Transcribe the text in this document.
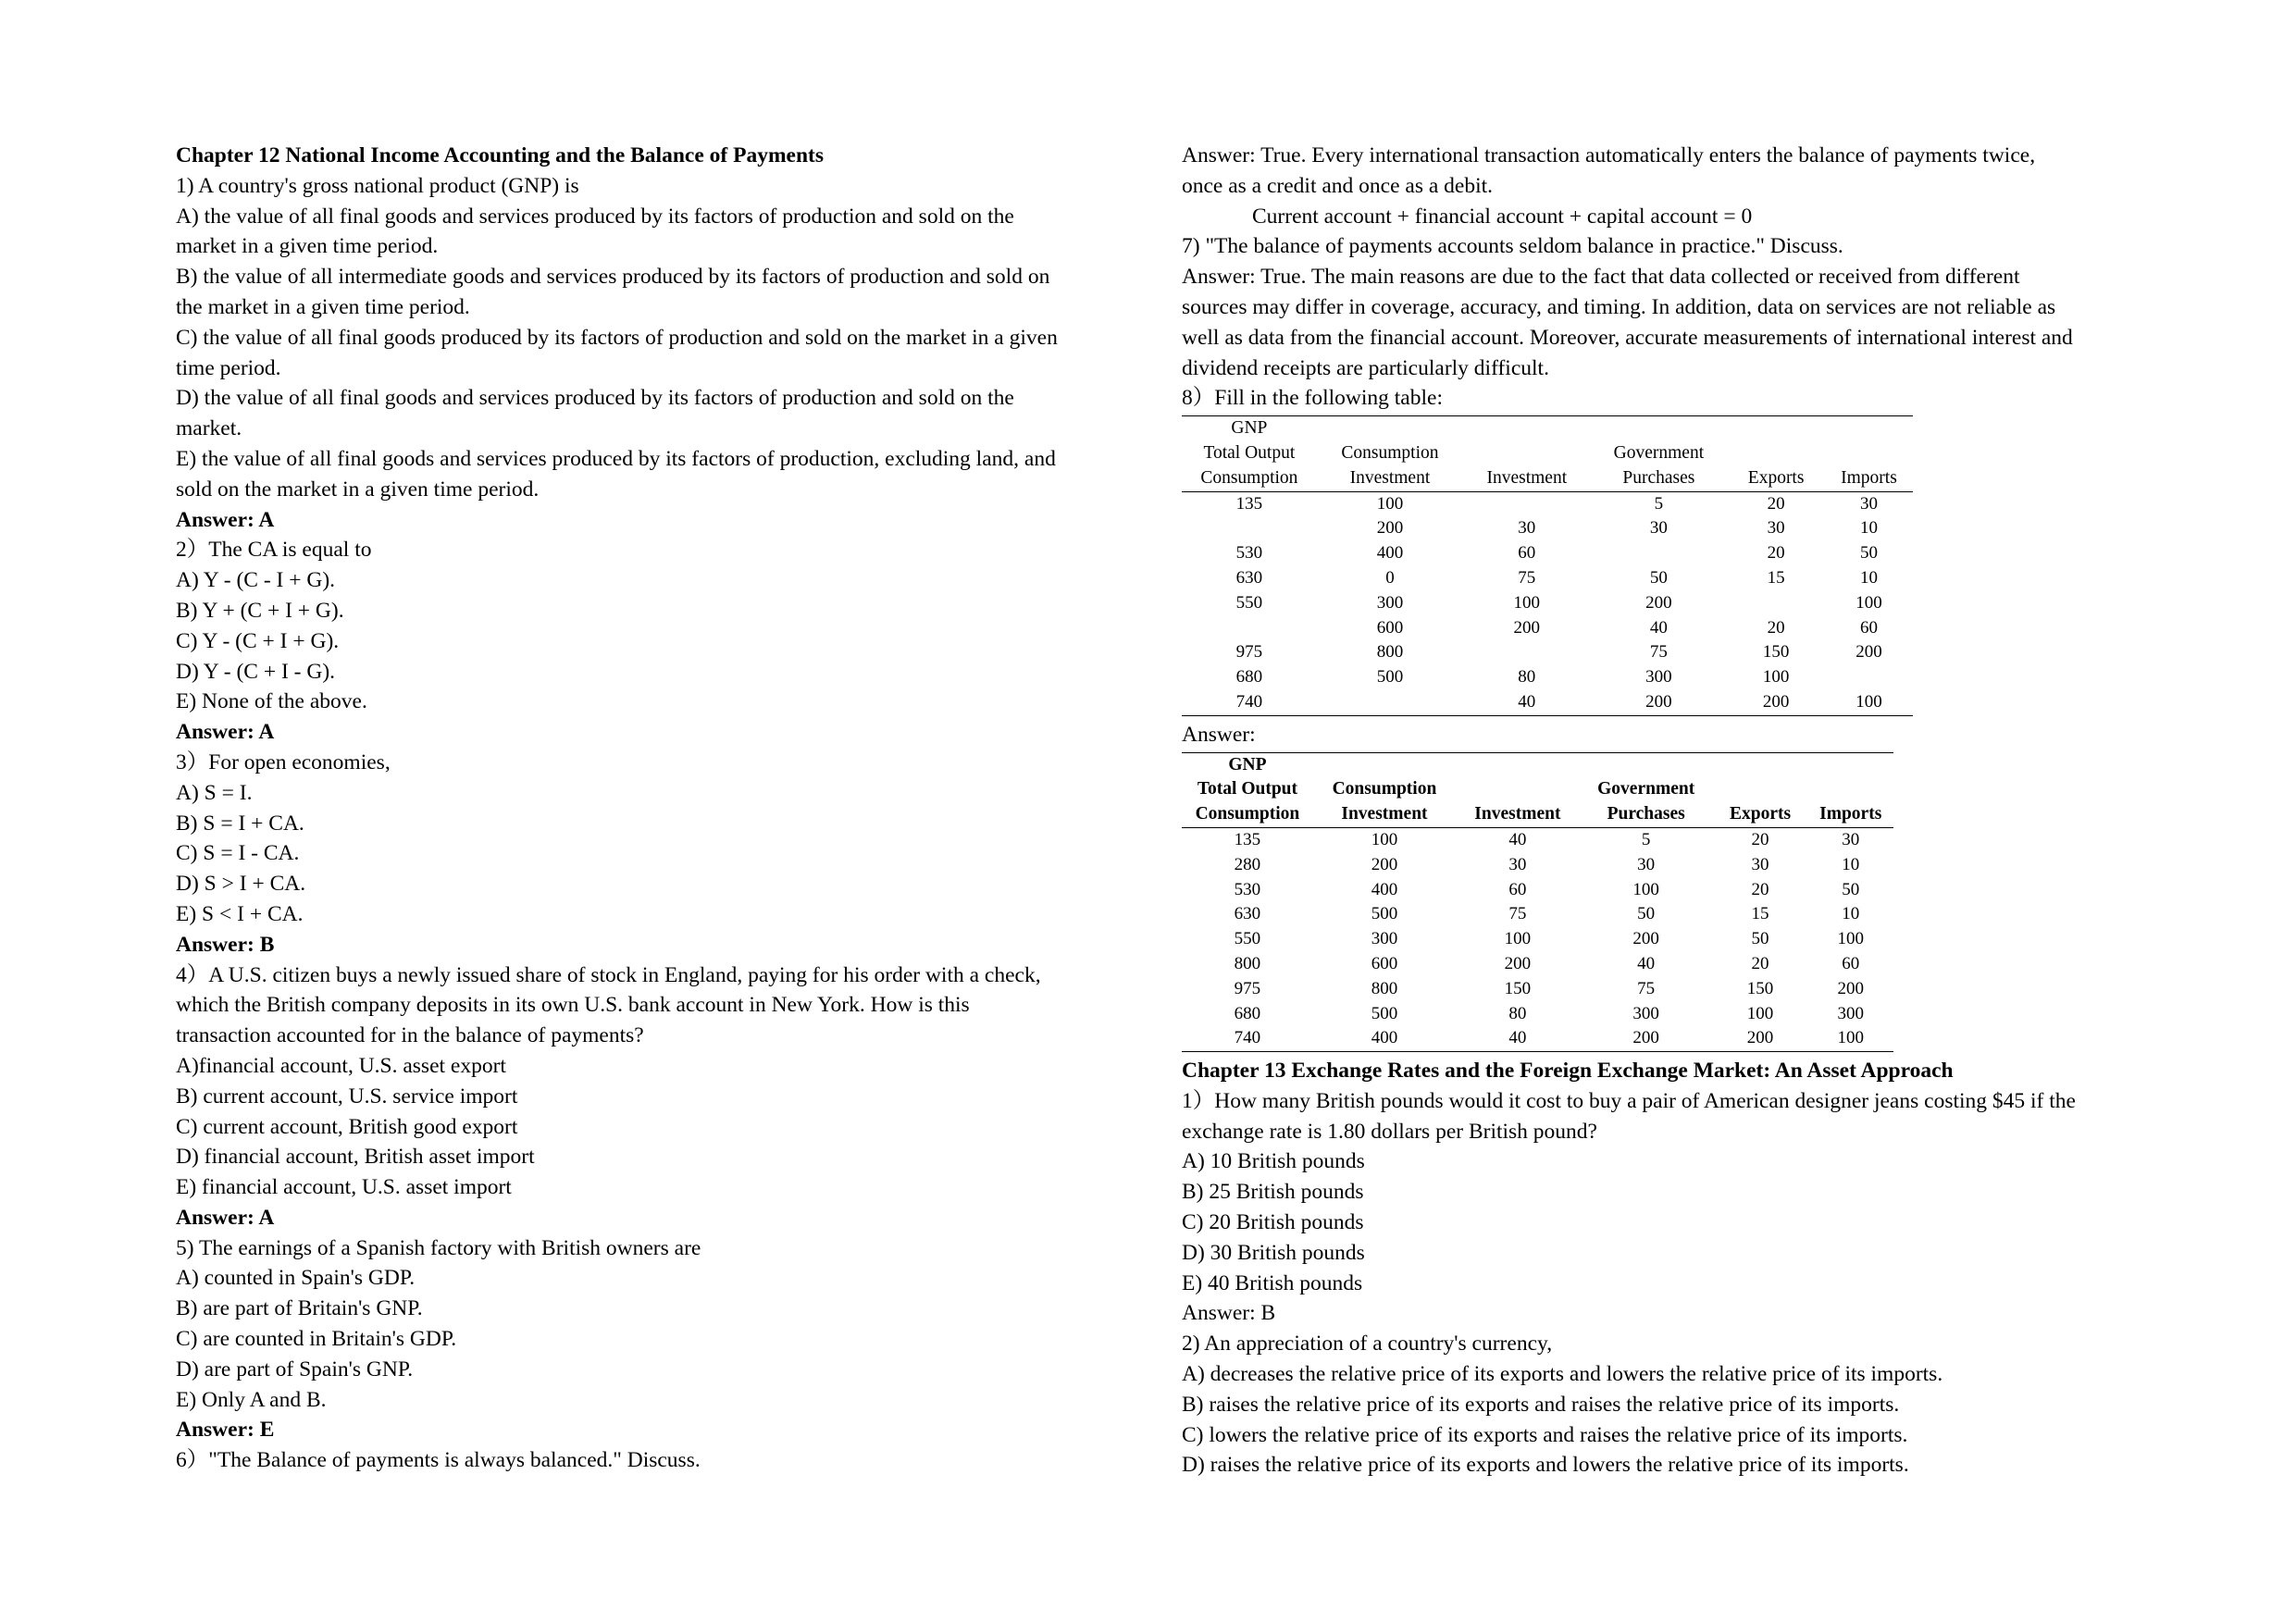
Chapter 12 National Income Accounting and the Balance of Payments
1) A country's gross national product (GNP) is
A) the value of all final goods and services produced by its factors of production and sold on the
market in a given time period.
B) the value of all intermediate goods and services produced by its factors of production and sold on
the market in a given time period.
C) the value of all final goods produced by its factors of production and sold on the market in a given
time period.
D) the value of all final goods and services produced by its factors of production and sold on the
market.
E) the value of all final goods and services produced by its factors of production, excluding land, and
sold on the market in a given time period.
Answer: A
2）The CA is equal to
A) Y - (C - I + G).
B) Y + (C + I + G).
C) Y - (C + I + G).
D) Y - (C + I - G).
E) None of the above.
Answer: A
3）For open economies,
A) S = I.
B) S = I + CA.
C) S = I - CA.
D) S > I + CA.
E) S < I + CA.
Answer: B
4）A U.S. citizen buys a newly issued share of stock in England, paying for his order with a check,
which the British company deposits in its own U.S. bank account in New York. How is this
transaction accounted for in the balance of payments?
A)financial account, U.S. asset export
B) current account, U.S. service import
C) current account, British good export
D) financial account, British asset import
E) financial account, U.S. asset import
Answer: A
5) The earnings of a Spanish factory with British owners are
A) counted in Spain's GDP.
B) are part of Britain's GNP.
C) are counted in Britain's GDP.
D) are part of Spain's GNP.
E) Only A and B.
Answer: E
6）"The Balance of payments is always balanced." Discuss.
Answer: True. Every international transaction automatically enters the balance of payments twice,
once as a credit and once as a debit.
Current account + financial account + capital account = 0
7) "The balance of payments accounts seldom balance in practice." Discuss.
Answer: True. The main reasons are due to the fact that data collected or received from different
sources may differ in coverage, accuracy, and timing. In addition, data on services are not reliable as
well as data from the financial account. Moreover, accurate measurements of international interest and
dividend receipts are particularly difficult.
8）Fill in the following table:
GNP					
Total Output	Consumption		Government		
Consumption	Investment	Investment	Purchases	Exports	Imports
135	100		5	20	30
	200	30	30	30	10
530	400	60		20	50
630	0	75	50	15	10
550	300	100	200		100
	600	200	40	20	60
975	800		75	150	200
680	500	80	300	100	
740		40	200	200	100
Answer:
GNP					
Total Output	Consumption		Government		
Consumption	Investment	Investment	Purchases	Exports	Imports
135	100	40	5	20	30
280	200	30	30	30	10
530	400	60	100	20	50
630	500	75	50	15	10
550	300	100	200	50	100
800	600	200	40	20	60
975	800	150	75	150	200
680	500	80	300	100	300
740	400	40	200	200	100
Chapter 13 Exchange Rates and the Foreign Exchange Market: An Asset Approach
1）How many British pounds would it cost to buy a pair of American designer jeans costing $45 if the
exchange rate is 1.80 dollars per British pound?
A) 10 British pounds
B) 25 British pounds
C) 20 British pounds
D) 30 British pounds
E) 40 British pounds
Answer: B
2) An appreciation of a country's currency,
A) decreases the relative price of its exports and lowers the relative price of its imports.
B) raises the relative price of its exports and raises the relative price of its imports.
C) lowers the relative price of its exports and raises the relative price of its imports.
D) raises the relative price of its exports and lowers the relative price of its imports.
